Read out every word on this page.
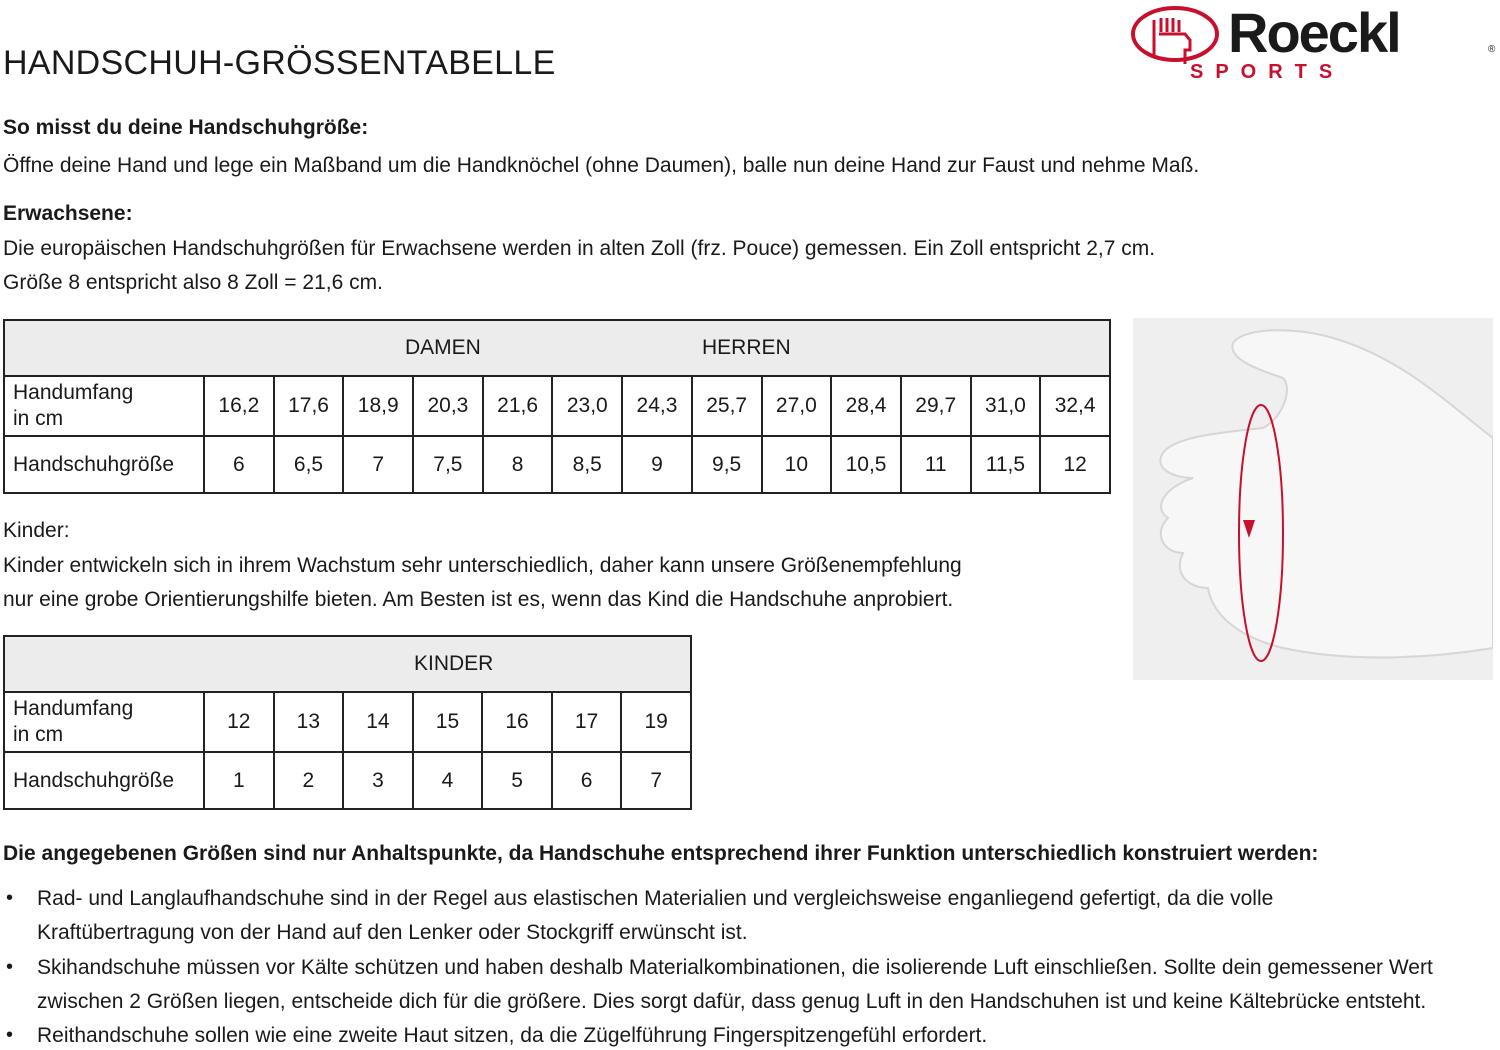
Roeckl	®
SPORTS
HANDSCHUH-GRÖSSENTABELLE
So misst du deine Handschuhgröße:
Öffne deine Hand und lege ein Maßband um die Handknöchel (ohne Daumen), balle nun deine Hand zur Faust und nehme Maß.
Erwachsene:
Die europäischen Handschuhgrößen für Erwachsene werden in alten Zoll (frz. Pouce) gemessen. Ein Zoll entspricht 2,7 cm.
Größe 8 entspricht also 8 Zoll = 21,6 cm.
DAMEN HERREN													

Handumfang
in cm	16,2	17,6	18,9	20,3	21,6	23,0	24,3	25,7	27,0	28,4	29,7	31,0	32,4
Handschuhgröße	6	6,5	7	7,5	8	8,5	9	9,5	10	10,5	11	11,5	12
Kinder:
Kinder entwickeln sich in ihrem Wachstum sehr unterschiedlich, daher kann unsere Größenempfehlung
nur eine grobe Orientierungshilfe bieten. Am Besten ist es, wenn das Kind die Handschuhe anprobiert.
KINDER							

Handumfang
in cm	12	13	14	15	16	17	19
Handschuhgröße	1	2	3	4	5	6	7
Die angegebenen Größen sind nur Anhaltspunkte, da Handschuhe entsprechend ihrer Funktion unterschiedlich konstruiert werden:
• Rad- und Langlaufhandschuhe sind in der Regel aus elastischen Materialien und vergleichsweise enganliegend gefertigt, da die volle
Kraftübertragung von der Hand auf den Lenker oder Stockgriff erwünscht ist.
• Skihandschuhe müssen vor Kälte schützen und haben deshalb Materialkombinationen, die isolierende Luft einschließen. Sollte dein gemessener Wert
zwischen 2 Größen liegen, entscheide dich für die größere. Dies sorgt dafür, dass genug Luft in den Handschuhen ist und keine Kältebrücke entsteht.
• Reithandschuhe sollen wie eine zweite Haut sitzen, da die Zügelführung Fingerspitzengefühl erfordert.
